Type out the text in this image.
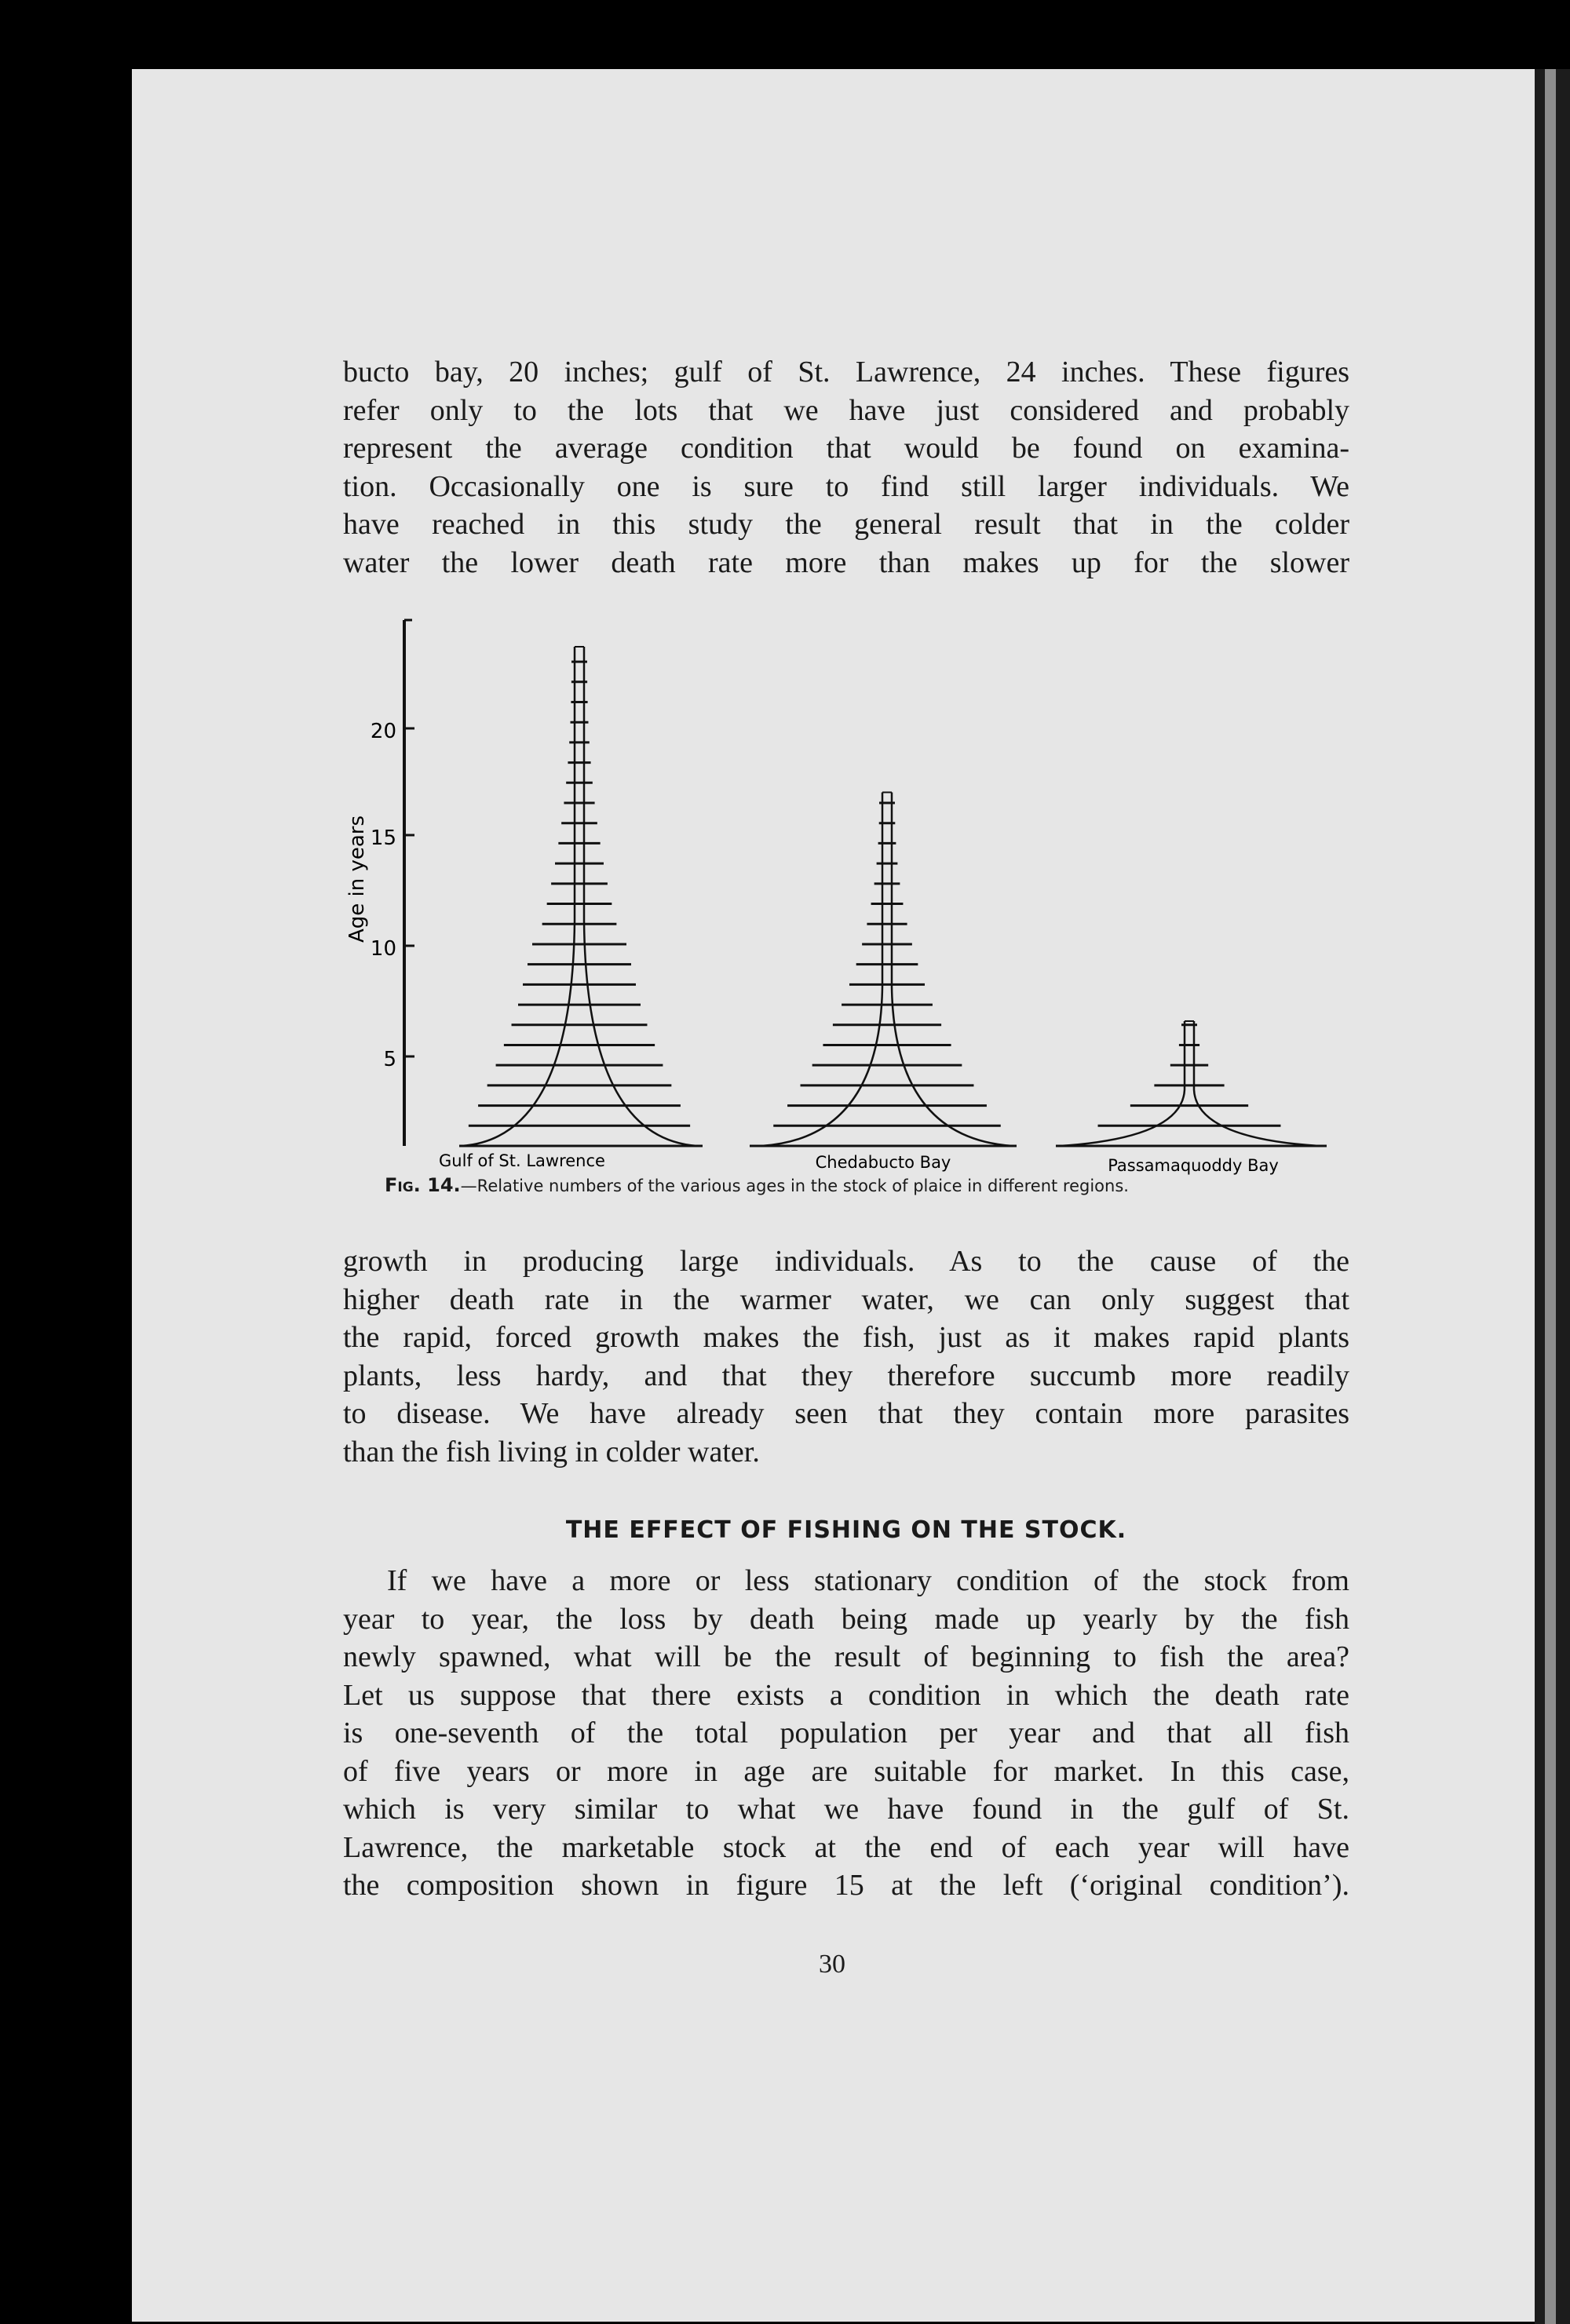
bucto bay, 20 inches; gulf of St. Lawrence, 24 inches. These figures
refer only to the lots that we have just considered and probably
represent the average condition that would be found on examina-
tion. Occasionally one is sure to find still larger individuals. We
have reached in this study the general result that in the colder
water the lower death rate more than makes up for the slower
20
15
10
5
Age in years
Gulf of St. Lawrence	Chedabucto Bay	Passamaquoddy Bay
Fig. 14.—Relative numbers of the various ages in the stock of plaice in different regions.
growth in producing large individuals. As to the cause of the
higher death rate in the warmer water, we can only suggest that
the rapid, forced growth makes the fish, just as it makes rapid plants
plants, less hardy, and that they therefore succumb more readily
to disease. We have already seen that they contain more parasites
than the fish living in colder water.
THE EFFECT OF FISHING ON THE STOCK.
If we have a more or less stationary condition of the stock from
year to year, the loss by death being made up yearly by the fish
newly spawned, what will be the result of beginning to fish the area?
Let us suppose that there exists a condition in which the death rate
is one-seventh of the total population per year and that all fish
of five years or more in age are suitable for market. In this case,
which is very similar to what we have found in the gulf of St.
Lawrence, the marketable stock at the end of each year will have
the composition shown in figure 15 at the left (‘original condition’).
30
